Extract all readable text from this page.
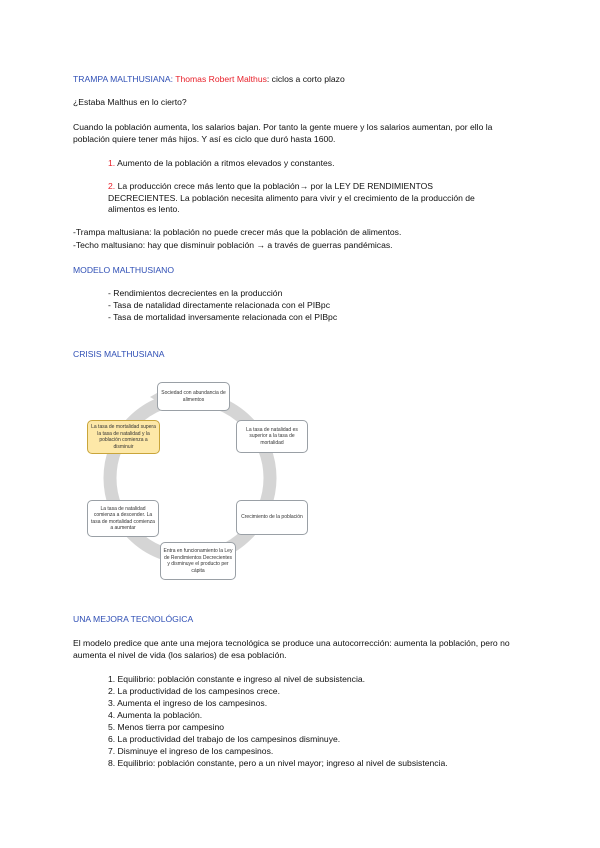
TRAMPA MALTHUSIANA: Thomas Robert Malthus: ciclos a corto plazo
¿Estaba Malthus en lo cierto?
Cuando la población aumenta, los salarios bajan. Por tanto la gente muere y los salarios aumentan, por ello la población quiere tener más hijos. Y así es ciclo que duró hasta 1600.
1. Aumento de la población a ritmos elevados y constantes.
2. La producción crece más lento que la población→ por la LEY DE RENDIMIENTOS DECRECIENTES. La población necesita alimento para vivir y el crecimiento de la producción de alimentos es lento.
-Trampa maltusiana: la población no puede crecer más que la población de alimentos.
-Techo maltusiano: hay que disminuir población → a través de guerras pandémicas.
MODELO MALTHUSIANO
- Rendimientos decrecientes en la producción
- Tasa de natalidad directamente relacionada con el PIBpc
- Tasa de mortalidad inversamente relacionada con el PIBpc
CRISIS MALTHUSIANA
Sociedad con abundancia de alimentos
La tasa de natalidad es superior a la tasa de mortalidad
Crecimiento de la población
Entra en funcionamiento la Ley de Rendimientos Decrecientes y disminuye el producto per cápita
La tasa de natalidad comienza a descender. La tasa de mortalidad comienza a aumentar
La tasa de mortalidad supera la tasa de natalidad y la población comienza a disminuir
UNA MEJORA TECNOLÓGICA
El modelo predice que ante una mejora tecnológica se produce una autocorrección: aumenta la población, pero no aumenta el nivel de vida (los salarios) de esa población.
1. Equilibrio: población constante e ingreso al nivel de subsistencia.
2. La productividad de los campesinos crece.
3. Aumenta el ingreso de los campesinos.
4. Aumenta la población.
5. Menos tierra por campesino
6. La productividad del trabajo de los campesinos disminuye.
7. Disminuye el ingreso de los campesinos.
8. Equilibrio: población constante, pero a un nivel mayor; ingreso al nivel de subsistencia.
